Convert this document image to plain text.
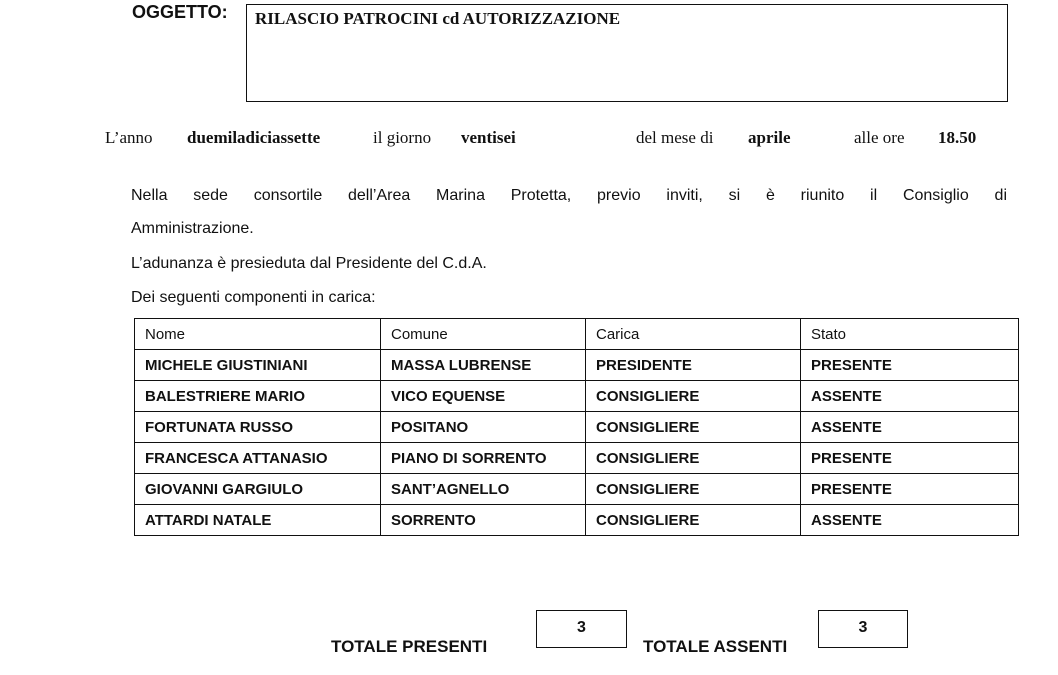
OGGETTO:	RILASCIO PATROCINI cd AUTORIZZAZIONE
L’anno duemiladiciassette	il giorno ventisei	del mese di aprile	alle ore 18.50
Nella sede consortile dell’Area Marina Protetta, previo inviti, si è riunito il Consiglio di
Amministrazione.
L’adunanza è presieduta dal Presidente del C.d.A.
Dei seguenti componenti in carica:
Nome	Comune	Carica	Stato
MICHELE GIUSTINIANI	MASSA LUBRENSE	PRESIDENTE	PRESENTE
BALESTRIERE MARIO	VICO EQUENSE	CONSIGLIERE	ASSENTE
FORTUNATA RUSSO	POSITANO	CONSIGLIERE	ASSENTE
FRANCESCA ATTANASIO	PIANO DI SORRENTO	CONSIGLIERE	PRESENTE
GIOVANNI GARGIULO	SANT’AGNELLO	CONSIGLIERE	PRESENTE
ATTARDI NATALE	SORRENTO	CONSIGLIERE	ASSENTE
TOTALE PRESENTI
3
TOTALE ASSENTI
3
